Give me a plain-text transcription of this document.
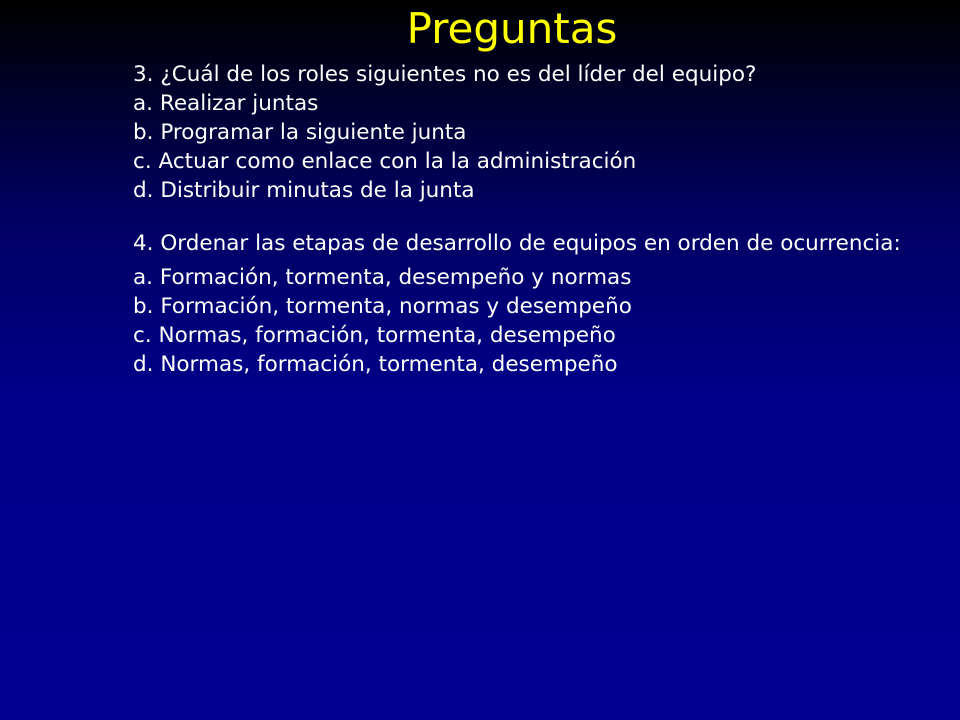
Preguntas
3. ¿Cuál de los roles siguientes no es del líder del equipo?
a. Realizar juntas
b. Programar la siguiente junta
c. Actuar como enlace con la la administración
d. Distribuir minutas de la junta
4. Ordenar las etapas de desarrollo de equipos en orden de ocurrencia:
a. Formación, tormenta, desempeño y normas
b. Formación, tormenta, normas y desempeño
c. Normas, formación, tormenta, desempeño
d. Normas, formación, tormenta, desempeño
